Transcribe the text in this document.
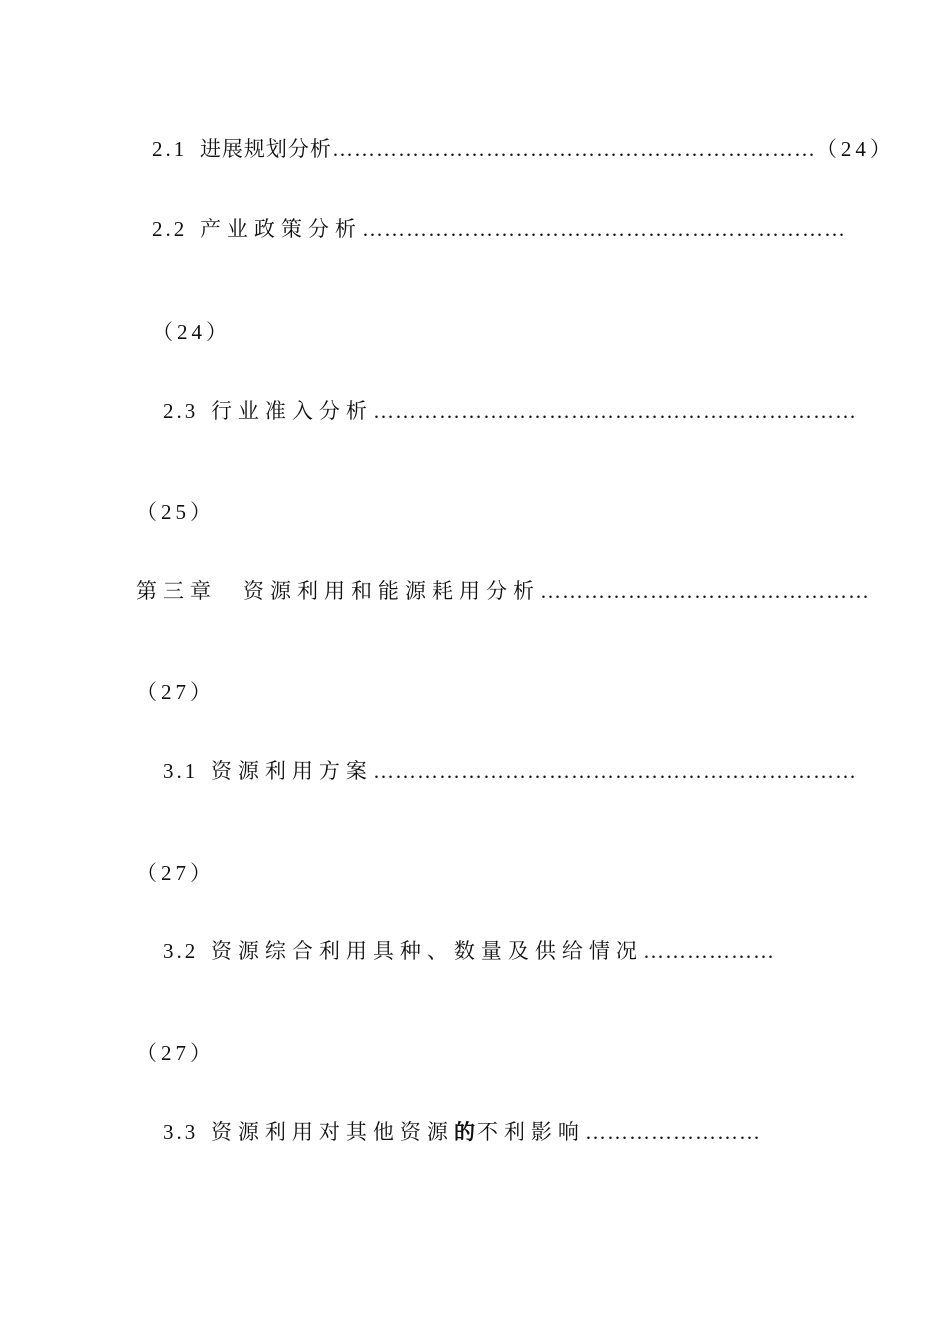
2.1 进展规划分析…………………………………………………………（24）
2.2 产业政策分析…………………………………………………………
（24）
2.3 行业准入分析…………………………………………………………
（25）
第三章 资源利用和能源耗用分析………………………………………
（27）
3.1 资源利用方案…………………………………………………………
（27）
3.2 资源综合利用具种、数量及供给情况………………
（27）
3.3 资源利用对其他资源的不利影响……………………
